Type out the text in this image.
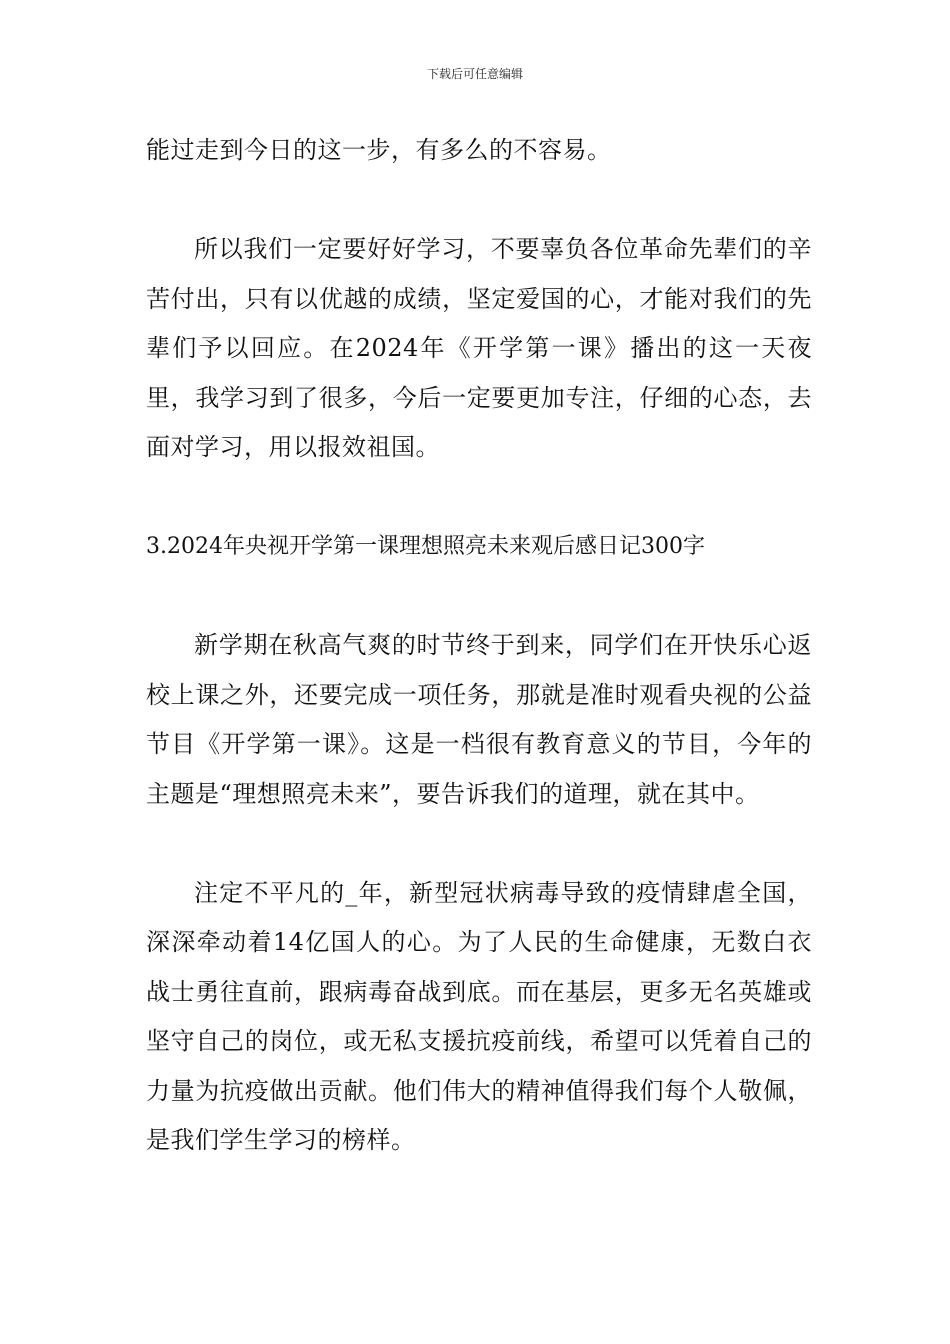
下载后可任意编辑

能过走到今日的这一步，有多么的不容易。

所以我们一定要好好学习，不要辜负各位革命先辈们的辛苦付出，只有以优越的成绩，坚定爱国的心，才能对我们的先辈们予以回应。在2024年《开学第一课》播出的这一天夜里，我学习到了很多，今后一定要更加专注，仔细的心态，去面对学习，用以报效祖国。

3.2024年央视开学第一课理想照亮未来观后感日记300字

新学期在秋高气爽的时节终于到来，同学们在开快乐心返校上课之外，还要完成一项任务，那就是准时观看央视的公益节目《开学第一课》。这是一档很有教育意义的节目，今年的主题是“理想照亮未来”，要告诉我们的道理，就在其中。

注定不平凡的_年，新型冠状病毒导致的疫情肆虐全国，深深牵动着14亿国人的心。为了人民的生命健康，无数白衣战士勇往直前，跟病毒奋战到底。而在基层，更多无名英雄或坚守自己的岗位，或无私支援抗疫前线，希望可以凭着自己的力量为抗疫做出贡献。他们伟大的精神值得我们每个人敬佩，是我们学生学习的榜样。
